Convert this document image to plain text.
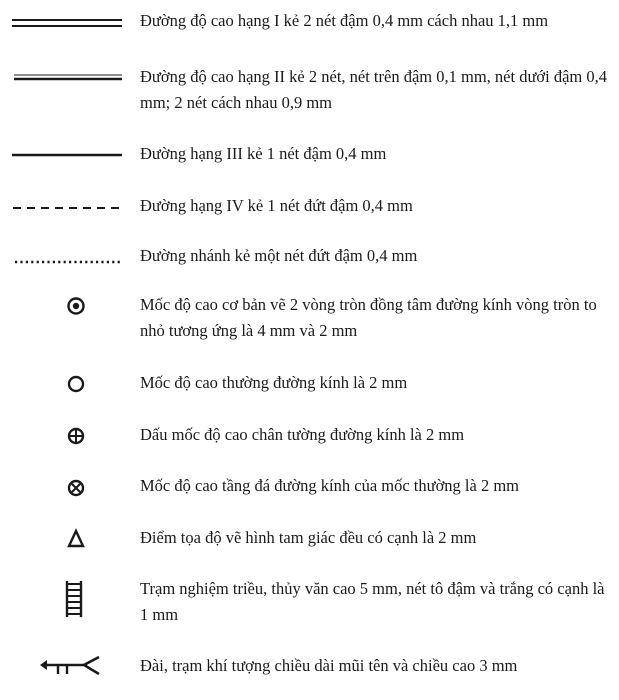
Đường độ cao hạng I kẻ 2 nét đậm 0,4 mm cách nhau 1,1 mm
Đường độ cao hạng II kẻ 2 nét, nét trên đậm 0,1 mm, nét dưới đậm 0,4 mm; 2 nét cách nhau 0,9 mm
Đường hạng III kẻ 1 nét đậm 0,4 mm
Đường hạng IV kẻ 1 nét đứt đậm 0,4 mm
Đường nhánh kẻ một nét đứt đậm 0,4 mm
Mốc độ cao cơ bản vẽ 2 vòng tròn đồng tâm đường kính vòng tròn to nhỏ tương ứng là 4 mm và 2 mm
Mốc độ cao thường đường kính là 2 mm
Dấu mốc độ cao chân tường đường kính là 2 mm
Mốc độ cao tầng đá đường kính của mốc thường là 2 mm
Điểm tọa độ vẽ hình tam giác đều có cạnh là 2 mm
Trạm nghiệm triều, thủy văn cao 5 mm, nét tô đậm và trắng có cạnh là 1 mm
Đài, trạm khí tượng chiều dài mũi tên và chiều cao 3 mm
